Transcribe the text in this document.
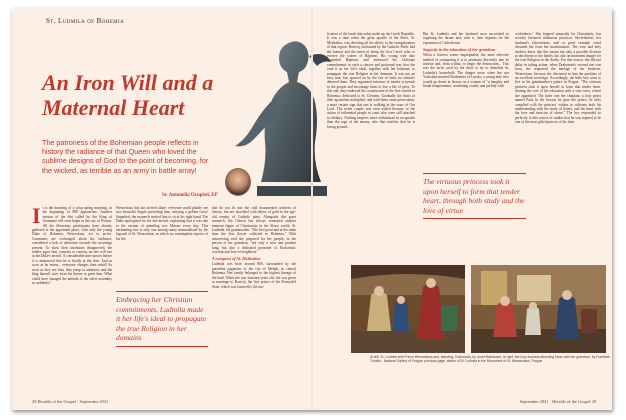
St. Ludmila of Bohemia
An Iron Will and a Maternal Heart
The patroness of the Bohemian people reflects in history the radiance of that Queen who loved the sublime designs of God to the point of becoming, for the wicked, as terrible as an army in battle array!
Sr. Antonella Ocupisti, EP
I t is the dawning of a crisp spring morning, as the beginning of 890 approaches. Another session of the diet called by the King of Germania will soon begin in the city of Worms. All the illustrious participants have already gathered at the appointed place, with only the young Duke of Bohemia, Wenceslaus, yet to arrive. Comments are exchanged about his tardiness, considered a lack of deference towards the sovereign present. To show their intentions disapproved, the nobles agree that, contrary to custom, no one will rise at the Duke's arrival. A considerable time passes before it is announced that he is finally at the door. And as soon as he enters... everyone changes their mind! As soon as they see him, they jump to attention, and the king himself rises from his throne to greet him. What could have changed the attitude of the select assembly so suddenly?

Wenceslaus had not arrived alone: everyone could plainly see two beautiful Angels preceding him, carrying a golden cross! Stupefied, the monarch invited him to sit at his right hand. The Duke apologized for his late arrival, explaining that it was due to his custom of attending two Masses every day. This enchanting fact is only one among many immortalized by the legends of St. Wenceslaus, in which we contemplate aspects of his life

Embracing her Christian commitments, Ludmila made it her life's ideal to propagate the true Religion in her domains

that do not fit into the cold documented archives of history, but are inscribed with letters of gold in the age-old tenuity of Catholic piety. Alongside this great monarch, the Church has always venerated another eminent figure of Christianity in the Slavic world: St. Ludmila, his grandmother. "She first point and at the same time the first flower collected in Bohemia." With unswerving zeal she prepared for her people, in the person of her grandson, "not only a wise and prudent king, but also a dedicated promoter of Eucharistic worship and love of neighbour."

A conquest of St. Methodius

Ludmila was born around 860, surrounded by the prevalent paganism of the city of Melnik, in central Bohemia. Her family belonged to the highest lineage of the land. When she was fourteen years old, she was given in marriage to Borivoj, the first prince of the Premyslid State, which was formed by the uni-

28 Heralds of the Gospel · September 2021

fication of the lands that today make up the Czech Republic. It was a time when the great apostle of the Slavs, St. Methodius, was devoting all his efforts to the evangelization of that region. Borivoj, enchanted by the Catholic Faith, had the honour and the merit of being the first Czech ruler to receive the waters of Baptism. His young wife also requested Baptism, and embraced the Christian commitments in such a sincere and profound way that she took it as her life's ideal, together with her husband, to propagate the true Religion in her domains. It was not an easy task, but, spurred on by the fire of faith, no obstacle deterred them. They organized missions of monks to preach to the people and encourage them to live a life of piety. To this end, they endowed the construction of the first church in Bohemia, dedicated to St. Clement. Gradually the fruits of their apostolate multiplied, and with them came persecution, a most certain sign that one is walking in the ways of Our Lord. The noble couple was even exiled because of the action of influential people in court who were still attached to idolatry. Nothing inspires more enthusiasm in an apostle than the rage of the enemy, who thus testifies that he is losing ground...

But St. Ludmila and her husband soon succeeded in regaining the throne and, with it, their impetus for the expansion of Catholicism.

Sagacity in the education of her grandson

When a fortress seems impregnable, the most effective method of conquering it is to penetrate discreetly into its interior and, from within, to begin the destruction... This was the tactic used by the devil to try to demolish St. Ludmila's household. The danger arose when her son Vratislaus married Drahomira of Lucsko, a young lady who would go down in history as a woman of "a haughty and brutal temperament, combining cruelty and perfidy with

wickedness." She feigned sympathy for Christianity, but secretly favoured idolatrous practices. Nevertheless, her husband's exhortations, zeal or good example could dissuade her from her machinations. The wise and holy duchess knew that this meant not only a possible division in the throne or the family, but also an imminent danger for the true Religion in the duchy. For this reason, she did not delay in taking action: when Drahomira's second son was born, she requested the tutelage of her firstborn, Wenceslaus, because she discerned in him the qualities of an excellent sovereign. Accordingly, the little boy went to live in his grandmother's palace in Prague. "The virtuous princess took it upon herself to form that tender heart, sharing the care of his education with a wise tutor, whom she appointed. The latter was her chaplain, a holy priest named Paul. In the lessons he gave the prince, he fully complied with the princess' wishes to cultivate both his understanding with the study of letters, and his heart with the love and exercise of virtue." The boy responded so perfectly to this course of studies that he was reputed to be one of the most gifted princes of his time.

The virtuous princess took it upon herself to form that tender heart, through both study and the love of virtue
At left, St. Ludmila with Prince Wenceslaus and, standing, Drahomira, by Josef Mathauser; at right, the holy duchess attending Mass with her grandson, by Frantisek Trunkie - National Gallery of Prague; previous page, statue of St. Ludmila in the Monument of St. Wenceslaus, Prague
September 2021 · Heralds of the Gospel 29
